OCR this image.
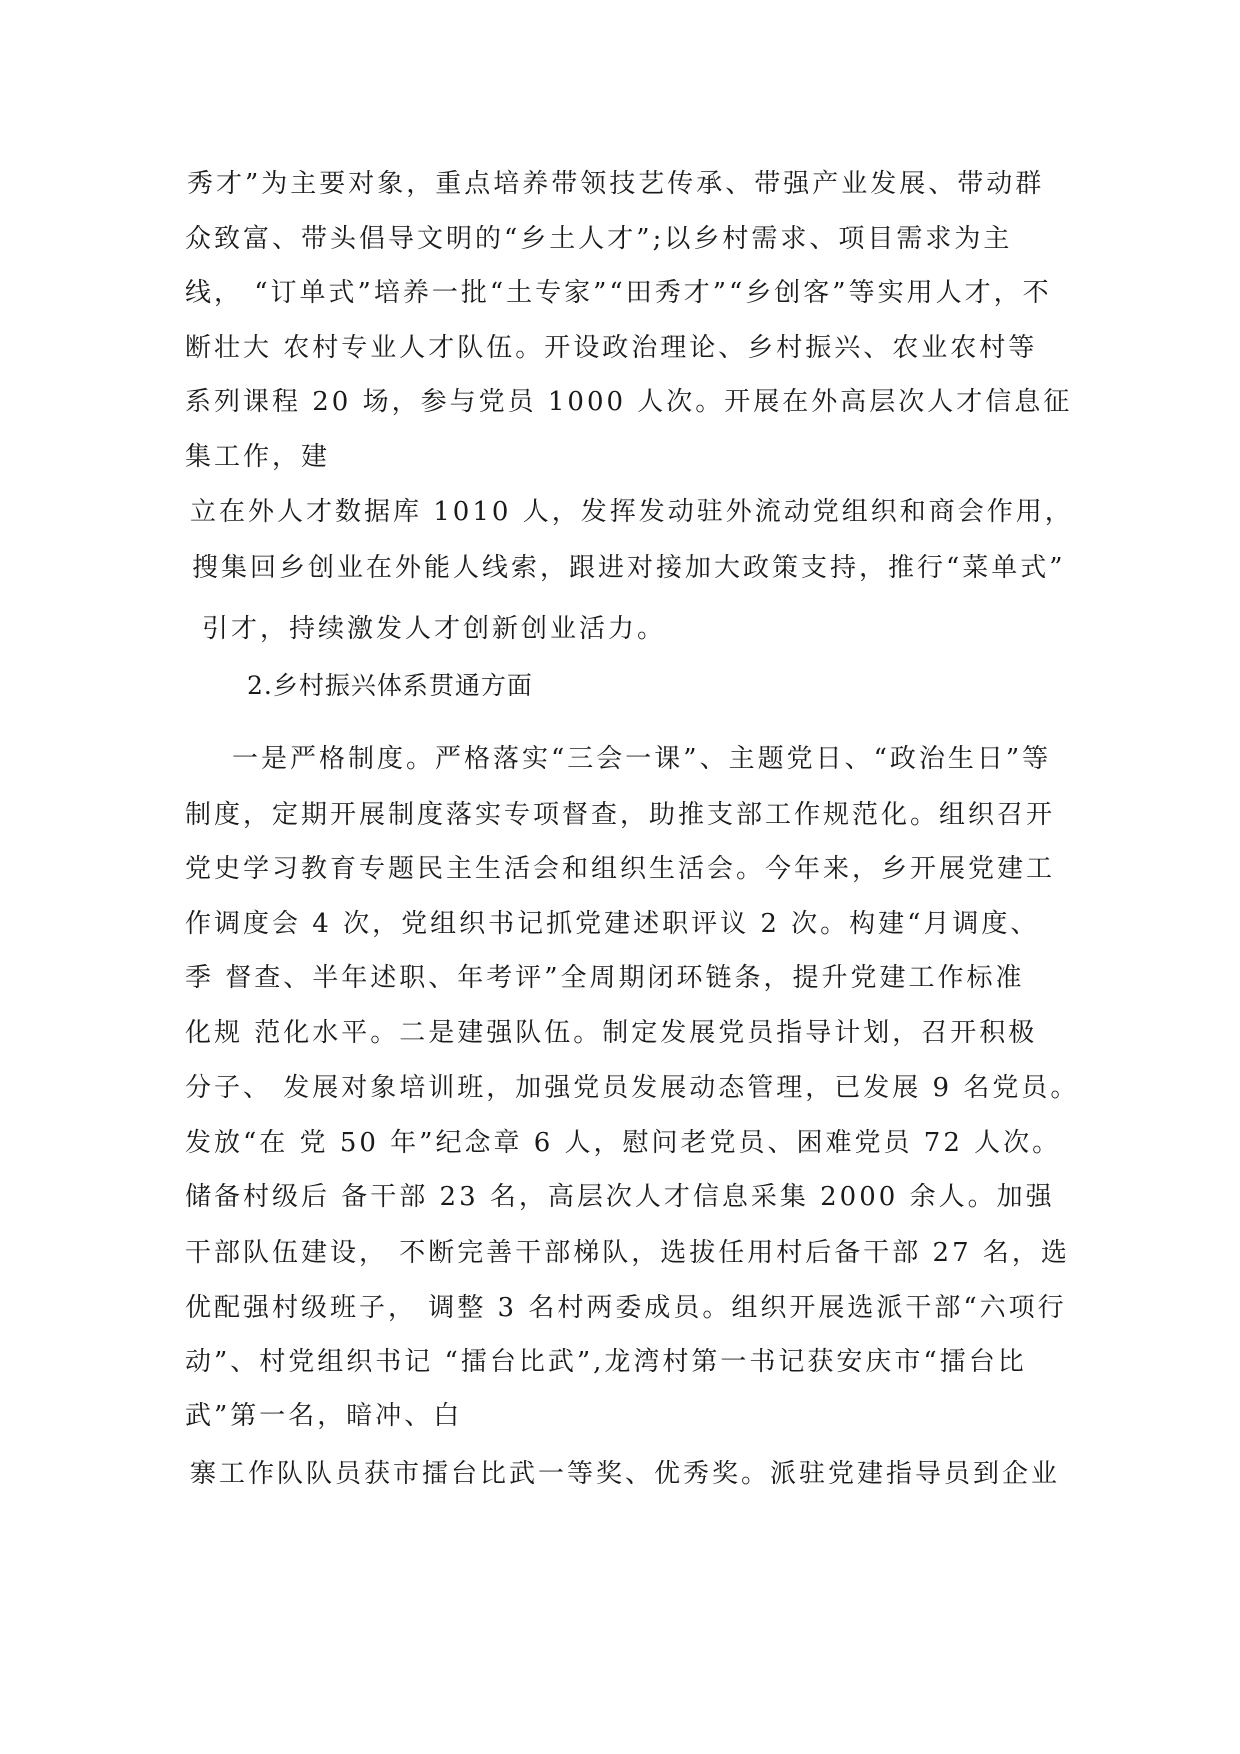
秀才”为主要对象，重点培养带领技艺传承、带强产业发展、带动群
众致富、带头倡导文明的“乡土人才”;以乡村需求、项目需求为主
线， “订单式”培养一批“土专家”“田秀才”“乡创客”等实用人才，不
断壮大 农村专业人才队伍。开设政治理论、乡村振兴、农业农村等
系列课程 20 场，参与党员 1000 人次。开展在外高层次人才信息征
集工作，建
立在外人才数据库 1010 人，发挥发动驻外流动党组织和商会作用，
搜集回乡创业在外能人线索，跟进对接加大政策支持，推行“菜单式”
引才，持续激发人才创新创业活力。
2.乡村振兴体系贯通方面
一是严格制度。严格落实“三会一课”、主题党日、“政治生日”等
制度，定期开展制度落实专项督查，助推支部工作规范化。组织召开
党史学习教育专题民主生活会和组织生活会。今年来，乡开展党建工
作调度会 4 次，党组织书记抓党建述职评议 2 次。构建“月调度、
季 督查、半年述职、年考评”全周期闭环链条，提升党建工作标准
化规 范化水平。二是建强队伍。制定发展党员指导计划，召开积极
分子、 发展对象培训班，加强党员发展动态管理，已发展 9 名党员。
发放“在 党 50 年”纪念章 6 人，慰问老党员、困难党员 72 人次。
储备村级后 备干部 23 名，高层次人才信息采集 2000 余人。加强
干部队伍建设， 不断完善干部梯队，选拔任用村后备干部 27 名，选
优配强村级班子， 调整 3 名村两委成员。组织开展选派干部“六项行
动”、村党组织书记 “擂台比武”,龙湾村第一书记获安庆市“擂台比
武”第一名，暗冲、白
寨工作队队员获市擂台比武一等奖、优秀奖。派驻党建指导员到企业
